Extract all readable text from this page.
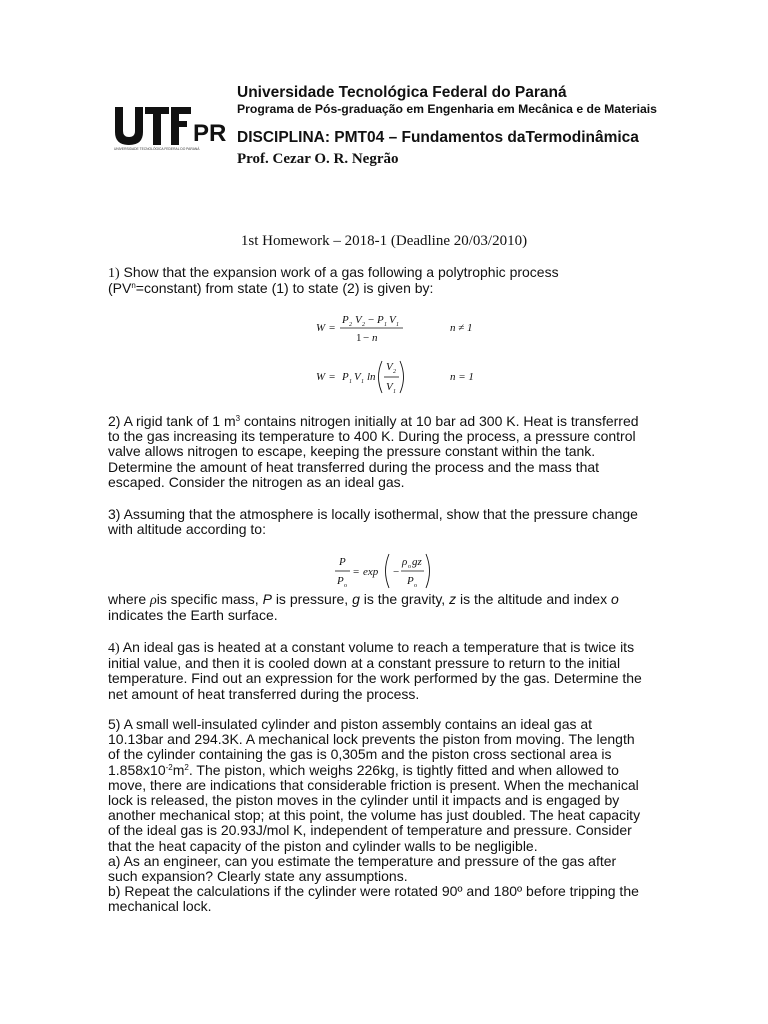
PR
UNIVERSIDADE TECNOLÓGICA FEDERAL DO PARANÁ
Universidade Tecnológica Federal do Paraná
Programa de Pós-graduação em Engenharia em Mecânica e de Materiais
DISCIPLINA: PMT04 – Fundamentos daTermodinâmica
Prof. Cezar O. R. Negrão
1st Homework – 2018-1 (Deadline 20/03/2010)

1) Show that the expansion work of a gas following a polytrophic process

$(PV^n=constant)$ from state (1) to state (2) is given by:

W =
P 2 V 2 − P 1 V 1
1 − n
n ≠ 1
W = P 1 V 1 ln
V 2
V 1
n = 1

2) A rigid tank of 1 $m^3$ contains nitrogen initially at 10 bar ad 300 K. Heat is transferred

to the gas increasing its temperature to 400 K. During the process, a pressure control

valve allows nitrogen to escape, keeping the pressure constant within the tank.

Determine the amount of heat transferred during the process and the mass that

escaped. Consider the nitrogen as an ideal gas.

3) Assuming that the atmosphere is locally isothermal, show that the pressure change

with altitude according to:

P
P o
= exp −
ρ o gz
P o

where ρis specific mass, P is pressure, g is the gravity, z is the altitude and index o

indicates the Earth surface.

4) An ideal gas is heated at a constant volume to reach a temperature that is twice its

initial value, and then it is cooled down at a constant pressure to return to the initial

temperature. Find out an expression for the work performed by the gas. Determine the

net amount of heat transferred during the process.

5) A small well-insulated cylinder and piston assembly contains an ideal gas at

10.13bar and 294.3K. A mechanical lock prevents the piston from moving. The length

of the cylinder containing the gas is 0,305m and the piston cross sectional area is

$1.858x10^{-2}m^2$. The piston, which weighs 226kg, is tightly fitted and when allowed to

move, there are indications that considerable friction is present. When the mechanical

lock is released, the piston moves in the cylinder until it impacts and is engaged by

another mechanical stop; at this point, the volume has just doubled. The heat capacity

of the ideal gas is 20.93J/mol K, independent of temperature and pressure. Consider

that the heat capacity of the piston and cylinder walls to be negligible.

a) As an engineer, can you estimate the temperature and pressure of the gas after

such expansion? Clearly state any assumptions.

b) Repeat the calculations if the cylinder were rotated 90º and 180º before tripping the

mechanical lock.
